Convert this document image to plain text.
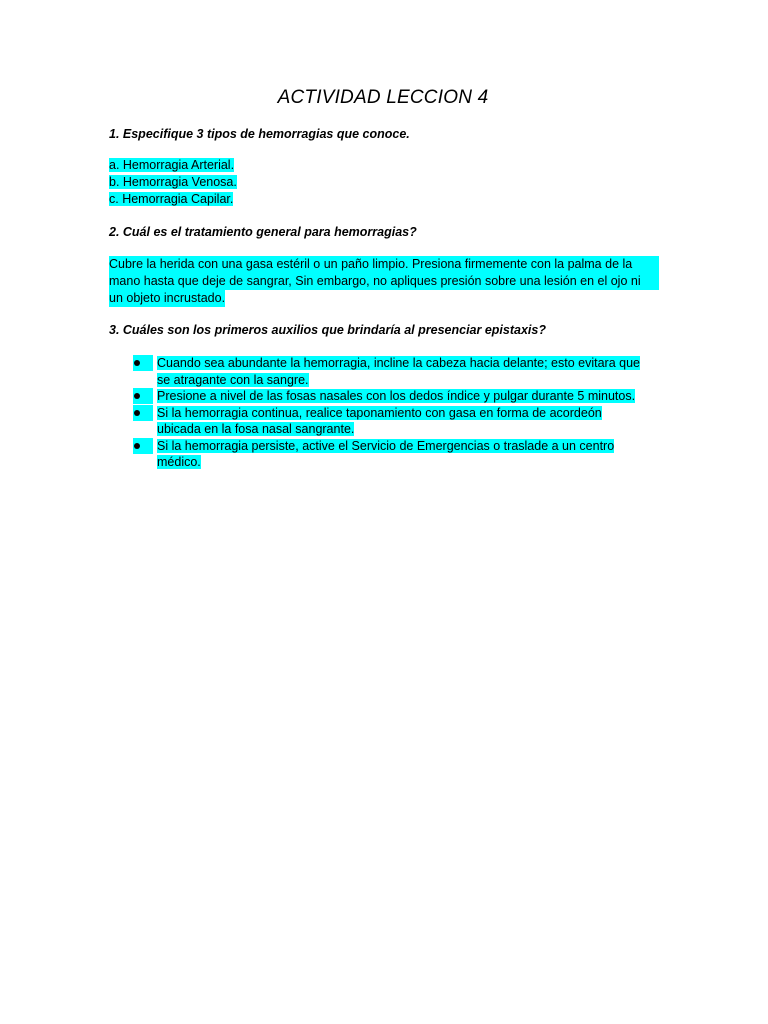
ACTIVIDAD LECCION 4
1. Especifique 3 tipos de hemorragias que conoce.
a. Hemorragia Arterial.
b. Hemorragia Venosa.
c. Hemorragia Capilar.
2. Cuál es el tratamiento general para hemorragias?
Cubre la herida con una gasa estéril o un paño limpio. Presiona firmemente con la palma de la
mano hasta que deje de sangrar, Sin embargo, no apliques presión sobre una lesión en el ojo ni
un objeto incrustado.
3. Cuáles son los primeros auxilios que brindaría al presenciar epistaxis?
Cuando sea abundante la hemorragia, incline la cabeza hacia delante; esto evitara que
se atragante con la sangre.
Presione a nivel de las fosas nasales con los dedos índice y pulgar durante 5 minutos.
Si la hemorragia continua, realice taponamiento con gasa en forma de acordeón
ubicada en la fosa nasal sangrante.
Si la hemorragia persiste, active el Servicio de Emergencias o traslade a un centro
médico.
